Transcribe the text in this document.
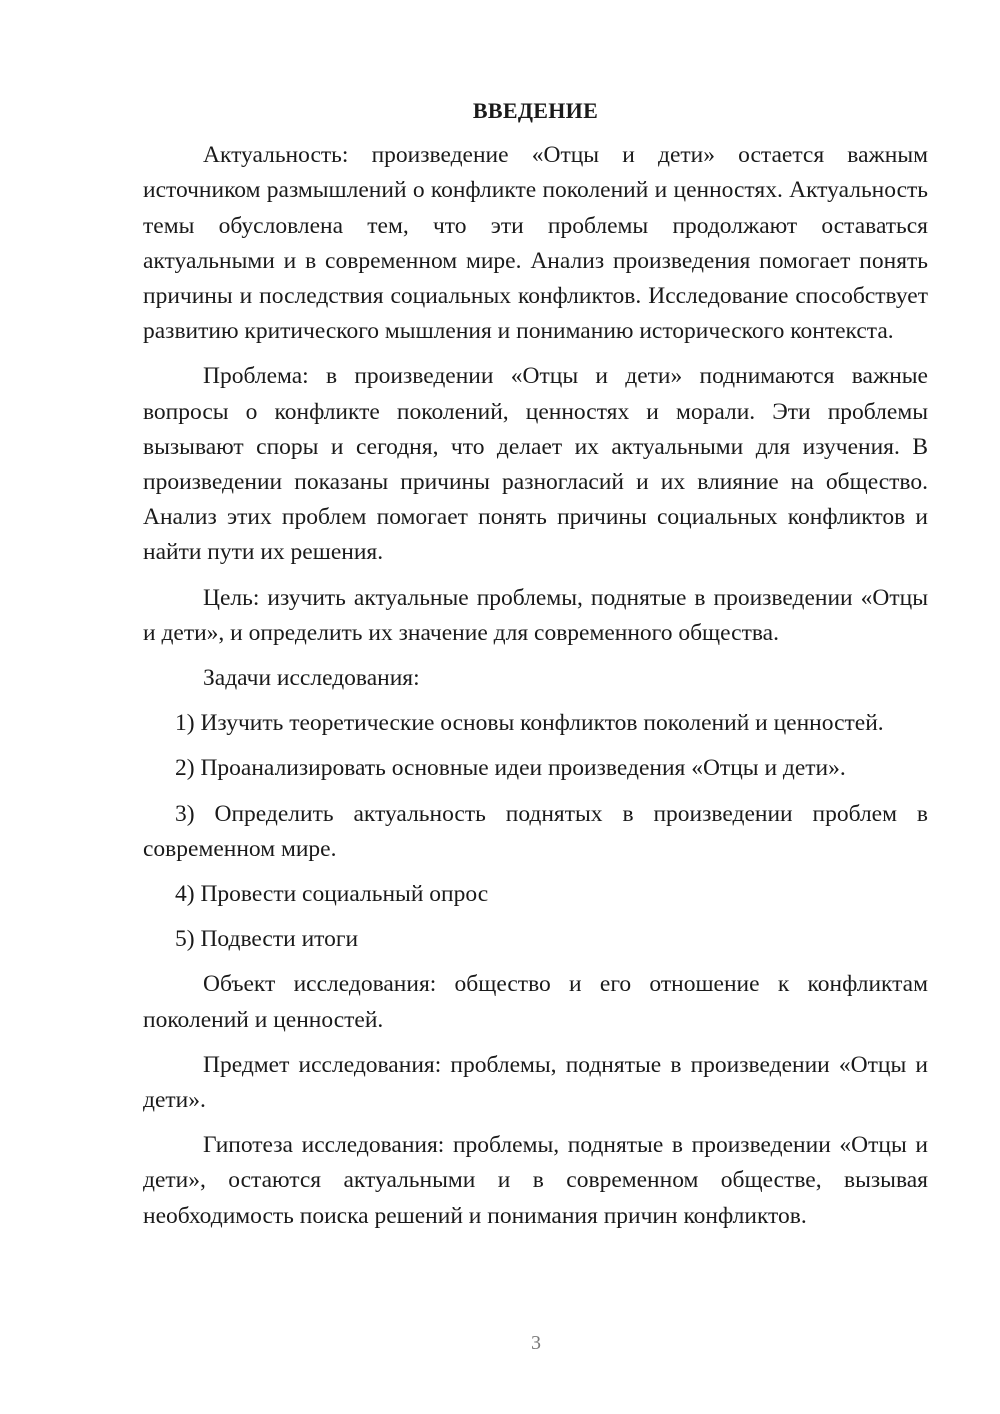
ВВЕДЕНИЕ

Актуальность: произведение «Отцы и дети» остается важным источником размышлений о конфликте поколений и ценностях. Актуальность темы обусловлена тем, что эти проблемы продолжают оставаться актуальными и в современном мире. Анализ произведения помогает понять причины и последствия социальных конфликтов. Исследование способствует развитию критического мышления и пониманию исторического контекста.

Проблема: в произведении «Отцы и дети» поднимаются важные вопросы о конфликте поколений, ценностях и морали. Эти проблемы вызывают споры и сегодня, что делает их актуальными для изучения. В произведении показаны причины разногласий и их влияние на общество. Анализ этих проблем помогает понять причины социальных конфликтов и найти пути их решения.

Цель: изучить актуальные проблемы, поднятые в произведении «Отцы и дети», и определить их значение для современного общества.

Задачи исследования:

1) Изучить теоретические основы конфликтов поколений и ценностей.

2) Проанализировать основные идеи произведения «Отцы и дети».

3) Определить актуальность поднятых в произведении проблем в современном мире.

4) Провести социальный опрос

5) Подвести итоги

Объект исследования: общество и его отношение к конфликтам поколений и ценностей.

Предмет исследования: проблемы, поднятые в произведении «Отцы и дети».

Гипотеза исследования: проблемы, поднятые в произведении «Отцы и дети», остаются актуальными и в современном обществе, вызывая необходимость поиска решений и понимания причин конфликтов.

3
